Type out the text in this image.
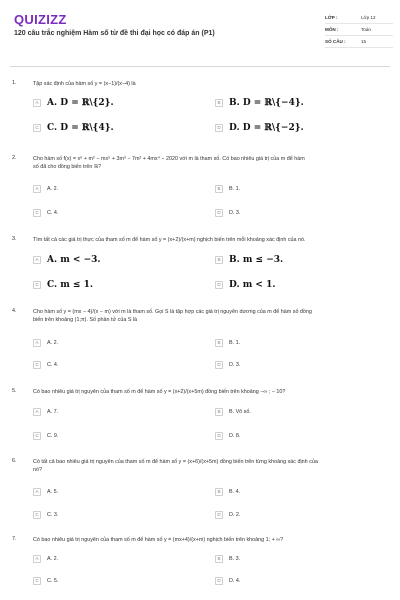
QUIZIZZ
120 câu trắc nghiệm Hàm số từ đề thi đại học có đáp án (P1)
LỚP :	Lớp 12
MÔN :	Toán
SỐ CÂU :	15
1.	Tập xác định của hàm số y = (x−1)/(x−4) là
A A. D = ℝ\{2}.	B B. D = ℝ\{−4}.
C C. D = ℝ\{4}.	D D. D = ℝ\{−2}.
2.	Cho hàm số f(x) = x⁶ + m² − mx⁵ + 3m³ − 7m² + 4mx⁴ − 2020 với m là tham số. Có bao nhiêu giá trị của m để hàm
số đã cho đồng biến trên ℝ?
A	A. 2.	B	B. 1.
C	C. 4.	D	D. 3.
3.	Tìm tất cả các giá trị thực của tham số m để hàm số y = (x+2)/(x+m) nghịch biến trên mỗi khoảng xác định của nó.
A A. m < −3.	B B. m ≤ −3.
C C. m ≤ 1.	D D. m < 1.
4.	Cho hàm số y = (mx − 4)/(x − m) với m là tham số. Gọi S là tập hợp các giá trị nguyên dương của m để hàm số đồng
biến trên khoảng (1;π). Số phần tử của S là
A	A. 2.	B	B. 1.
C	C. 4.	D	D. 3.
5.	Có bao nhiêu giá trị nguyên của tham số m để hàm số y = (x+2)/(x+5m) đồng biến trên khoảng −∞ ; − 10?
A	A. 7.	B	B. Vô số.
C	C. 9.	D	D. 8.
6.	Có tất cả bao nhiêu giá trị nguyên của tham số m để hàm số y = (x+6)/(x+5m) đồng biến trên từng khoảng xác định của
nó?
A	A. 5.	B	B. 4.
C	C. 3.	D	D. 2.
7.	Có bao nhiêu giá trị nguyên của tham số m để hàm số y = (mx+4)/(x+m) nghịch biến trên khoảng 1; + ∞?
A	A. 2.	B	B. 3.
C	C. 5.	D	D. 4.
